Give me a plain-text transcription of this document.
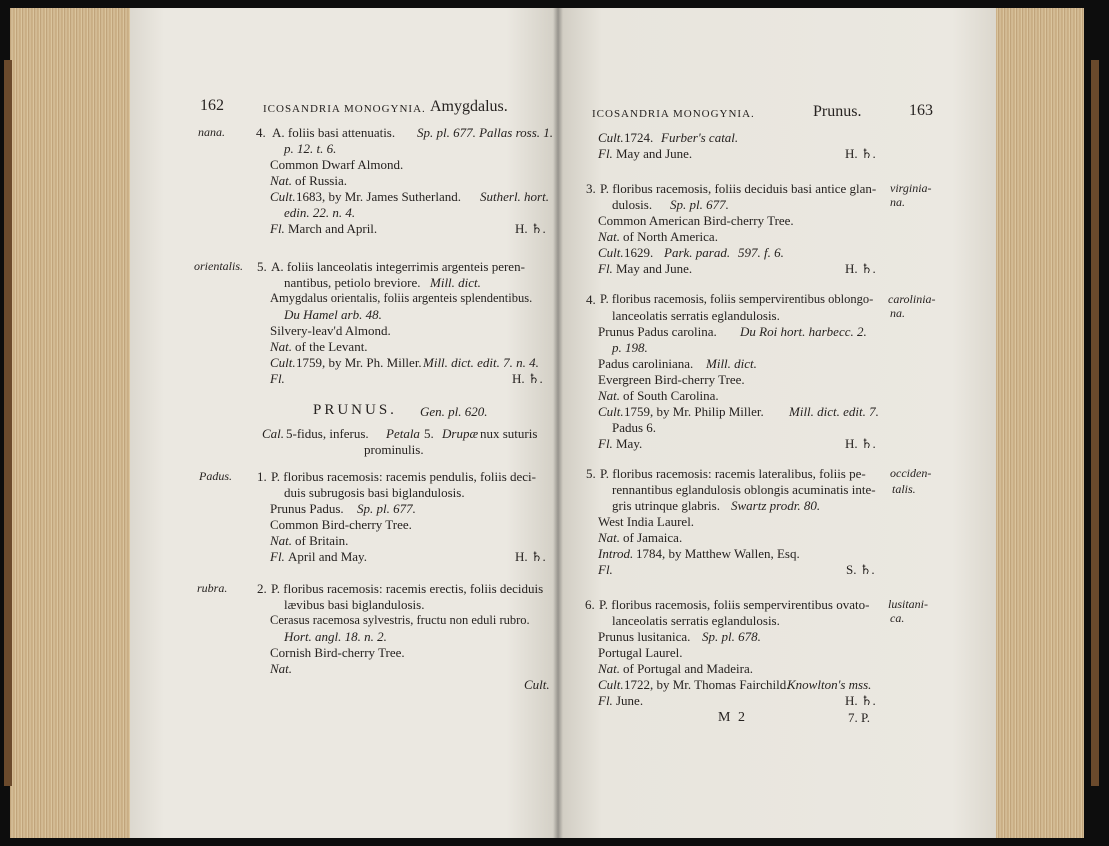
162	ICOSANDRIA MONOGYNIA. Amygdalus.
nana. 4. A. foliis basi attenuatis. Sp. pl. 677. Pallas ross. 1.
p. 12. t. 6.
Common Dwarf Almond.
Nat. of Russia.
Cult. 1683, by Mr. James Sutherland. Sutherl. hort.
edin. 22. n. 4.
Fl. March and April.	H. ♄.
orientalis. 5. A. foliis lanceolatis integerrimis argenteis peren-
nantibus, petiolo breviore. Mill. dict.
Amygdalus orientalis, foliis argenteis splendentibus.
Du Hamel arb. 48.
Silvery-leav'd Almond.
Nat. of the Levant.
Cult. 1759, by Mr. Ph. Miller. Mill. dict. edit. 7. n. 4.
Fl.	H. ♄.
PRUNUS. Gen. pl. 620.
Cal. 5-fidus, inferus. Petala 5. Drupæ nux suturis
prominulis.
Padus. 1. P. floribus racemosis: racemis pendulis, foliis deci-
duis subrugosis basi biglandulosis.
Prunus Padus. Sp. pl. 677.
Common Bird-cherry Tree.
Nat. of Britain.
Fl. April and May.	H. ♄.
rubra. 2. P. floribus racemosis: racemis erectis, foliis deciduis
lævibus basi biglandulosis.
Cerasus racemosa sylvestris, fructu non eduli rubro.
Hort. angl. 18. n. 2.
Cornish Bird-cherry Tree.
Nat.
Cult.
ICOSANDRIA MONOGYNIA.	Prunus.	163
Cult. 1724. Furber's catal.
Fl. May and June.	H. ♄.
3. P. floribus racemosis, foliis deciduis basi antice glan- virginia-
na.
dulosis. Sp. pl. 677.
Common American Bird-cherry Tree.
Nat. of North America.
Cult. 1629. Park. parad. 597. f. 6.
Fl. May and June.	H. ♄.
4. P. floribus racemosis, foliis sempervirentibus oblongo- carolinia-
na.
lanceolatis serratis eglandulosis.
Prunus Padus carolina. Du Roi hort. harbecc. 2.
p. 198.
Padus caroliniana. Mill. dict.
Evergreen Bird-cherry Tree.
Nat. of South Carolina.
Cult. 1759, by Mr. Philip Miller. Mill. dict. edit. 7.
Padus 6.
Fl. May.	H. ♄.
5. P. floribus racemosis: racemis lateralibus, foliis pe- occiden-
talis.
rennantibus eglandulosis oblongis acuminatis inte-
gris utrinque glabris. Swartz prodr. 80.
West India Laurel.
Nat. of Jamaica.
Introd. 1784, by Matthew Wallen, Esq.
Fl.	S. ♄.
6. P. floribus racemosis, foliis sempervirentibus ovato- lusitani-
ca.
lanceolatis serratis eglandulosis.
Prunus lusitanica. Sp. pl. 678.
Portugal Laurel.
Nat. of Portugal and Madeira.
Cult. 1722, by Mr. Thomas Fairchild.
Knowlton's mss.
Fl. June.	H. ♄.
M 2	7. P.
